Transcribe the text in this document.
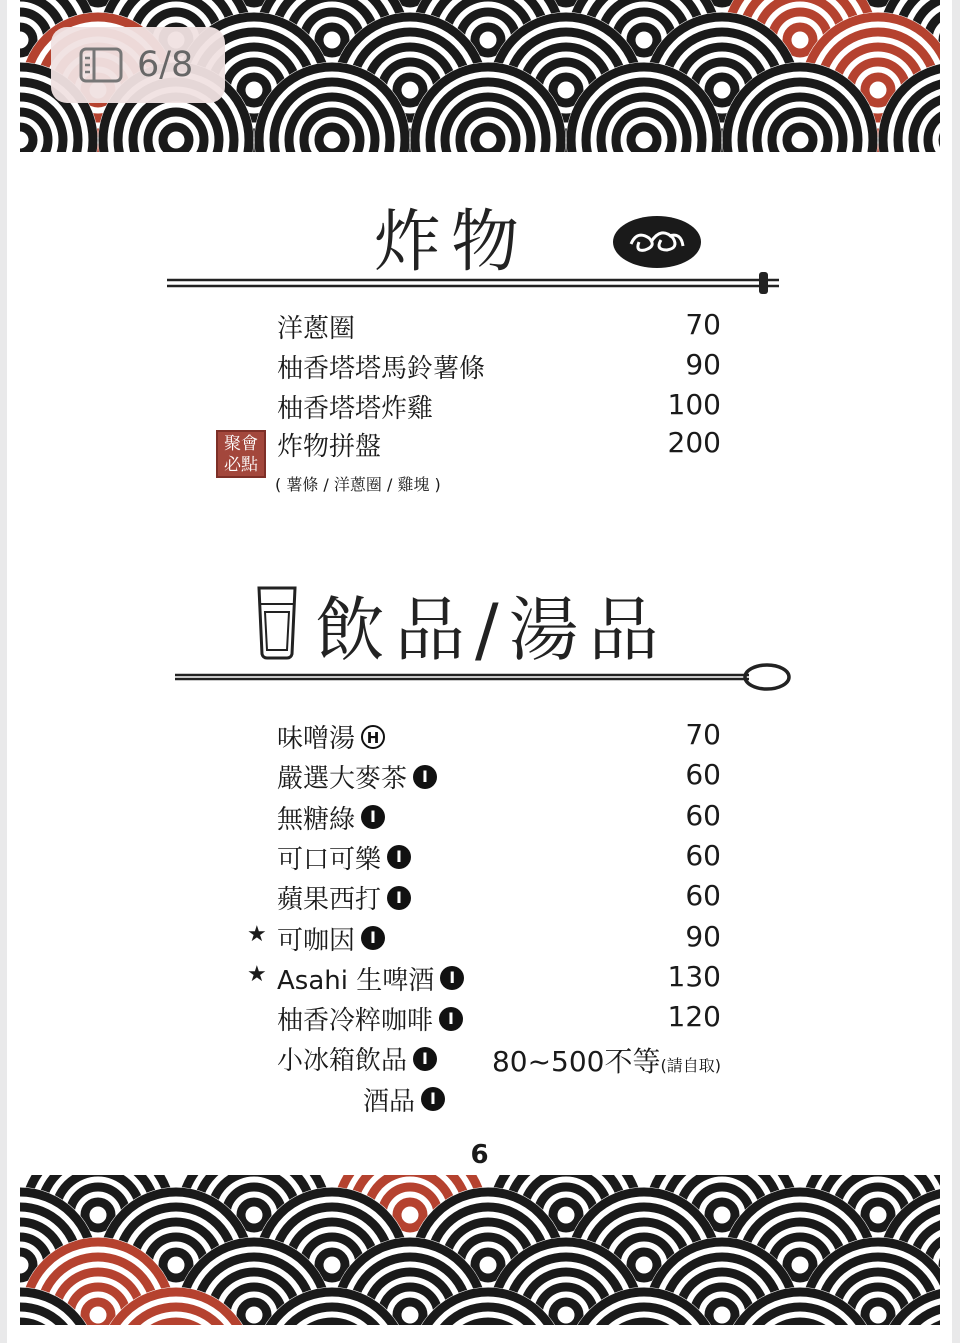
6/8
炸物
洋蔥圈	70
柚香塔塔馬鈴薯條	90
柚香塔塔炸雞	100
炸物拼盤	200
( 薯條 / 洋蔥圈 / 雞塊 )
聚會
必點
飲品/湯品
味噌湯 H	70
嚴選大麥茶 I	60
無糖綠 I	60
可口可樂 I	60
蘋果西打 I	60
★ 可咖因 I	90
★ Asahi 生啤酒 I	130
柚香冷粹咖啡 I	120
小冰箱飲品 I	80~500不等(請自取)
酒品 I
6
